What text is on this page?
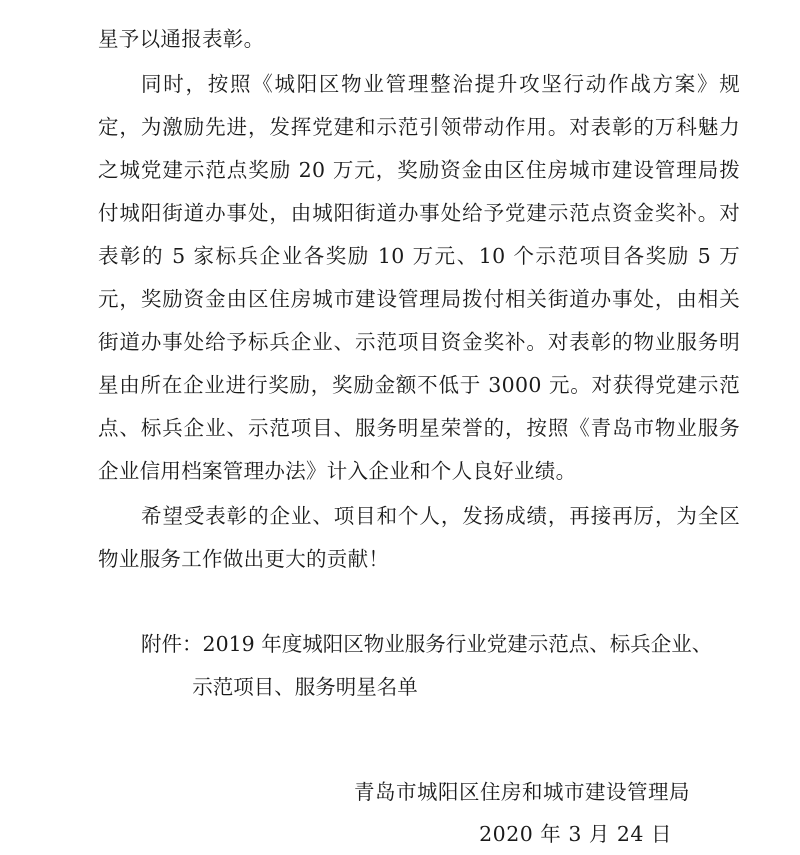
星予以通报表彰。

同时，按照《城阳区物业管理整治提升攻坚行动作战方案》规定，为激励先进，发挥党建和示范引领带动作用。对表彰的万科魅力之城党建示范点奖励 20 万元，奖励资金由区住房城市建设管理局拨付城阳街道办事处，由城阳街道办事处给予党建示范点资金奖补。对表彰的 5 家标兵企业各奖励 10 万元、10 个示范项目各奖励 5 万元，奖励资金由区住房城市建设管理局拨付相关街道办事处，由相关街道办事处给予标兵企业、示范项目资金奖补。对表彰的物业服务明星由所在企业进行奖励，奖励金额不低于 3000 元。对获得党建示范点、标兵企业、示范项目、服务明星荣誉的，按照《青岛市物业服务企业信用档案管理办法》计入企业和个人良好业绩。

希望受表彰的企业、项目和个人，发扬成绩，再接再厉，为全区物业服务工作做出更大的贡献！

附件：2019 年度城阳区物业服务行业党建示范点、标兵企业、
示范项目、服务明星名单
青岛市城阳区住房和城市建设管理局
2020 年 3 月 24 日
